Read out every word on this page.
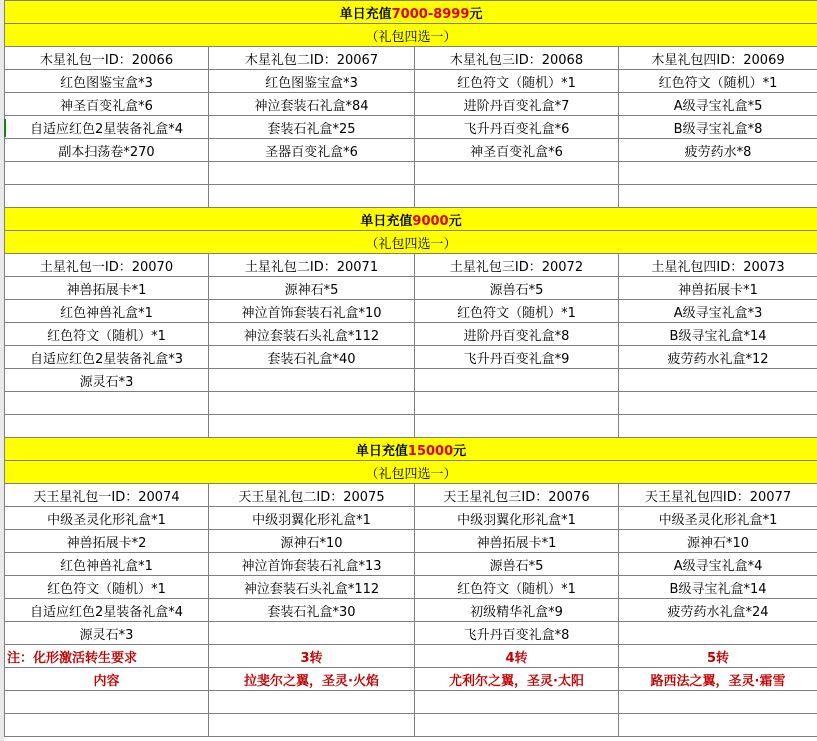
单日充值7000-8999元			
（礼包四选一）			
木星礼包一ID：20066	木星礼包二ID：20067	木星礼包三ID：20068	木星礼包四ID：20069
红色图鉴宝盒*3	红色图鉴宝盒*3	红色符文（随机）*1	红色符文（随机）*1
神圣百变礼盒*6	神泣套装石礼盒*84	进阶丹百变礼盒*7	A级寻宝礼盒*5
自适应红色2星装备礼盒*4	套装石礼盒*25	飞升丹百变礼盒*6	B级寻宝礼盒*8
副本扫荡卷*270	圣器百变礼盒*6	神圣百变礼盒*6	疲劳药水*8

单日充值9000元			
（礼包四选一）			
土星礼包一ID：20070	土星礼包二ID：20071	土星礼包三ID：20072	土星礼包四ID：20073
神兽拓展卡*1	源神石*5	源兽石*5	神兽拓展卡*1
红色神兽礼盒*1	神泣首饰套装石礼盒*10	红色符文（随机）*1	A级寻宝礼盒*3
红色符文（随机）*1	神泣套装石头礼盒*112	进阶丹百变礼盒*8	B级寻宝礼盒*14
自适应红色2星装备礼盒*3	套装石礼盒*40	飞升丹百变礼盒*9	疲劳药水礼盒*12
源灵石*3			

单日充值15000元			
（礼包四选一）			
天王星礼包一ID：20074	天王星礼包二ID：20075	天王星礼包三ID：20076	天王星礼包四ID：20077
中级圣灵化形礼盒*1	中级羽翼化形礼盒*1	中级羽翼化形礼盒*1	中级圣灵化形礼盒*1
神兽拓展卡*2	源神石*10	神兽拓展卡*1	源神石*10
红色神兽礼盒*1	神泣首饰套装石礼盒*13	源兽石*5	A级寻宝礼盒*4
红色符文（随机）*1	神泣套装石头礼盒*112	红色符文（随机）*1	B级寻宝礼盒*14
自适应红色2星装备礼盒*4	套装石礼盒*30	初级精华礼盒*9	疲劳药水礼盒*24
源灵石*3		飞升丹百变礼盒*8	
注：化形激活转生要求	3转	4转	5转
内容	拉斐尔之翼，圣灵·火焰	尤利尔之翼，圣灵·太阳	路西法之翼，圣灵·霜雪
